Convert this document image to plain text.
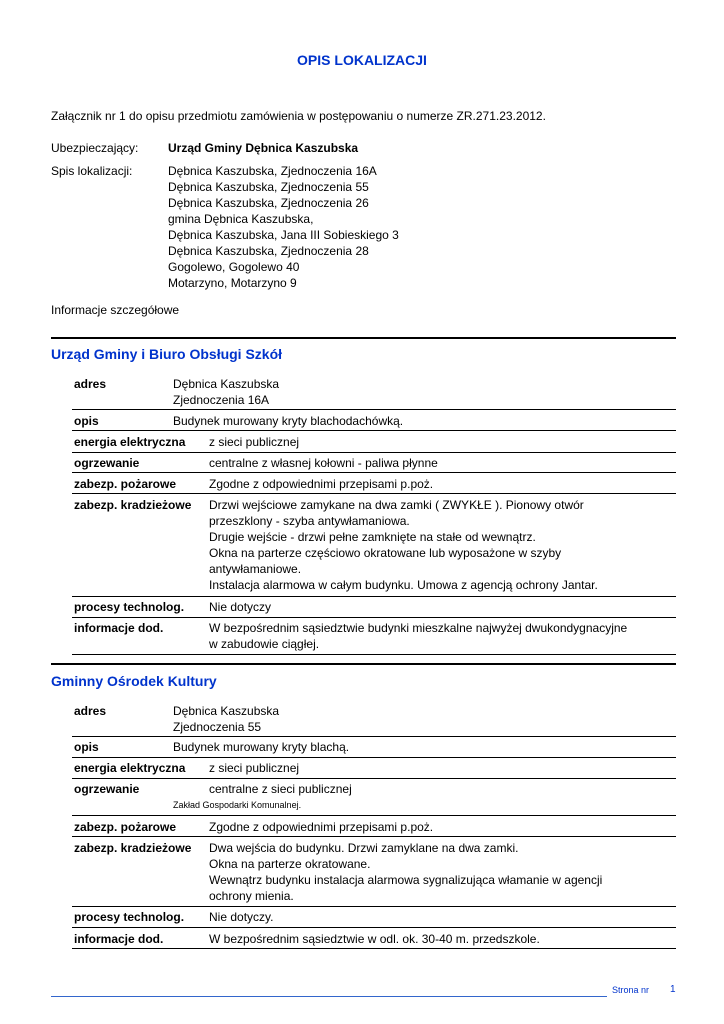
OPIS LOKALIZACJI
Załącznik nr 1 do opisu przedmiotu zamówienia w postępowaniu o numerze ZR.271.23.2012.
Ubezpieczający: Urząd Gminy Dębnica Kaszubska
Spis lokalizacji:	Dębnica Kaszubska, Zjednoczenia 16A
Dębnica Kaszubska, Zjednoczenia 55
Dębnica Kaszubska, Zjednoczenia 26
gmina Dębnica Kaszubska,
Dębnica Kaszubska, Jana III Sobieskiego 3
Dębnica Kaszubska, Zjednoczenia 28
Gogolewo, Gogolewo 40
Motarzyno, Motarzyno 9
Informacje szczegółowe
Urząd Gminy i Biuro Obsługi Szkół
adres	Dębnica Kaszubska
Zjednoczenia 16A
opis	Budynek murowany kryty blachodachówką.
energia elektryczna z sieci publicznej
ogrzewanie	centralne z własnej kołowni - paliwa płynne
zabezp. pożarowe	Zgodne z odpowiednimi przepisami p.poż.
zabezp. kradzieżowe Drzwi wejściowe zamykane na dwa zamki ( ZWYKŁE ). Pionowy otwór
przeszklony - szyba antywłamaniowa.
Drugie wejście - drzwi pełne zamknięte na stałe od wewnątrz.
Okna na parterze częściowo okratowane lub wyposażone w szyby
antywłamaniowe.
Instalacja alarmowa w całym budynku. Umowa z agencją ochrony Jantar.
procesy technolog. Nie dotyczy
informacje dod.	W bezpośrednim sąsiedztwie budynki mieszkalne najwyżej dwukondygnacyjne
w zabudowie ciągłej.
Gminny Ośrodek Kultury
adres	Dębnica Kaszubska
Zjednoczenia 55
opis	Budynek murowany kryty blachą.
energia elektryczna z sieci publicznej
ogrzewanie	centralne z sieci publicznej
Zakład Gospodarki Komunalnej.
zabezp. pożarowe	Zgodne z odpowiednimi przepisami p.poż.
zabezp. kradzieżowe Dwa wejścia do budynku. Drzwi zamyklane na dwa zamki.
Okna na parterze okratowane.
Wewnątrz budynku instalacja alarmowa sygnalizująca włamanie w agencji
ochrony mienia.
procesy technolog. Nie dotyczy.
informacje dod.	W bezpośrednim sąsiedztwie w odl. ok. 30-40 m. przedszkole.
Strona nr 1
